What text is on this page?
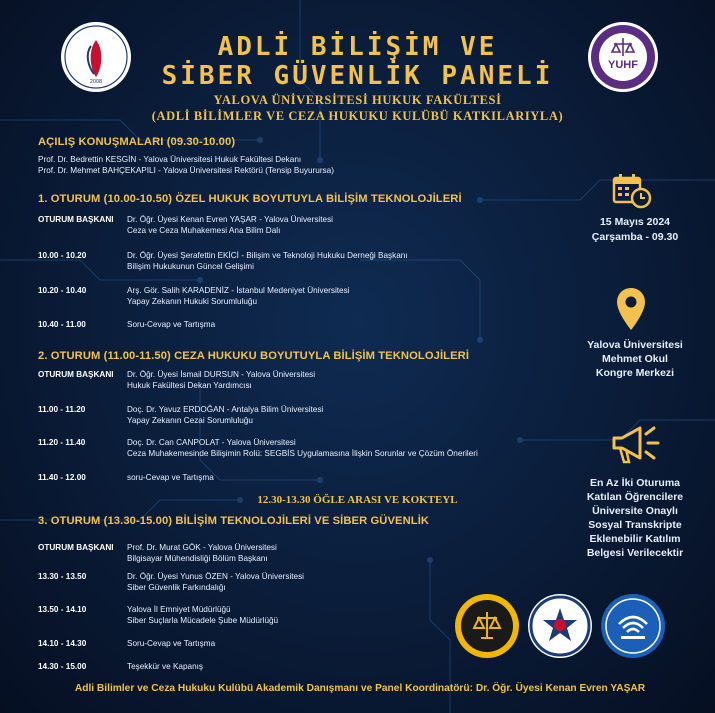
2008
YUHF
ADLİ BİLİŞİM VE
SİBER GÜVENLİK PANELİ
YALOVA ÜNİVERSİTESİ HUKUK FAKÜLTESİ
(ADLİ BİLİMLER VE CEZA HUKUKU KULÜBÜ KATKILARIYLA)
AÇILIŞ KONUŞMALARI (09.30-10.00)
Prof. Dr. Bedrettin KESGİN - Yalova Üniversitesi Hukuk Fakültesi Dekanı
Prof. Dr. Mehmet BAHÇEKAPILI - Yalova Üniversitesi Rektörü (Tensip Buyurursa)
1. OTURUM (10.00-10.50) ÖZEL HUKUK BOYUTUYLA BİLİŞİM TEKNOLOJİLERİ
OTURUM BAŞKANI Dr. Öğr. Üyesi Kenan Evren YAŞAR - Yalova Üniversitesi
Ceza ve Ceza Muhakemesi Ana Bilim Dalı
10.00 - 10.20	Dr. Öğr. Üyesi Şerafettin EKİCİ - Bilişim ve Teknoloji Hukuku Derneği Başkanı
Bilişim Hukukunun Güncel Gelişimi
10.20 - 10.40	Arş. Gör. Salih KARADENİZ - İstanbul Medeniyet Üniversitesi
Yapay Zekanın Hukuki Sorumluluğu
10.40 - 11.00	Soru-Cevap ve Tartışma
2. OTURUM (11.00-11.50) CEZA HUKUKU BOYUTUYLA BİLİŞİM TEKNOLOJİLERİ
OTURUM BAŞKANI Dr. Öğr. Üyesi İsmail DURSUN - Yalova Üniversitesi
Hukuk Fakültesi Dekan Yardımcısı
11.00 - 11.20	Doç. Dr. Yavuz ERDOĞAN - Antalya Bilim Üniversitesi
Yapay Zekanın Cezai Sorumluluğu
11.20 - 11.40	Doç. Dr. Can CANPOLAT - Yalova Üniversitesi
Ceza Muhakemesinde Bilişimin Rolü: SEGBİS Uygulamasına İlişkin Sorunlar ve Çözüm Önerileri
11.40 - 12.00	soru-Cevap ve Tartışma
12.30-13.30 ÖĞLE ARASI VE KOKTEYL
3. OTURUM (13.30-15.00) BİLİŞİM TEKNOLOJİLERİ VE SİBER GÜVENLİK
OTURUM BAŞKANI Prof. Dr. Murat GÖK - Yalova Üniversitesi
Bilgisayar Mühendisliği Bölüm Başkanı
13.30 - 13.50	Dr. Öğr. Üyesi Yunus ÖZEN - Yalova Üniversitesi
Siber Güvenlik Farkındalığı
13.50 - 14.10	Yalova İl Emniyet Müdürlüğü
Siber Suçlarla Mücadele Şube Müdürlüğü
14.10 - 14.30	Soru-Cevap ve Tartışma
14.30 - 15.00	Teşekkür ve Kapanış
15 Mayıs 2024
Çarşamba - 09.30
Yalova Üniversitesi
Mehmet Okul
Kongre Merkezi
En Az İki Oturuma
Katılan Öğrencilere
Üniversite Onaylı
Sosyal Transkripte
Eklenebilir Katılım
Belgesi Verilecektir
Adli Bilimler ve Ceza Hukuku Kulübü Akademik Danışmanı ve Panel Koordinatörü: Dr. Öğr. Üyesi Kenan Evren YAŞAR
